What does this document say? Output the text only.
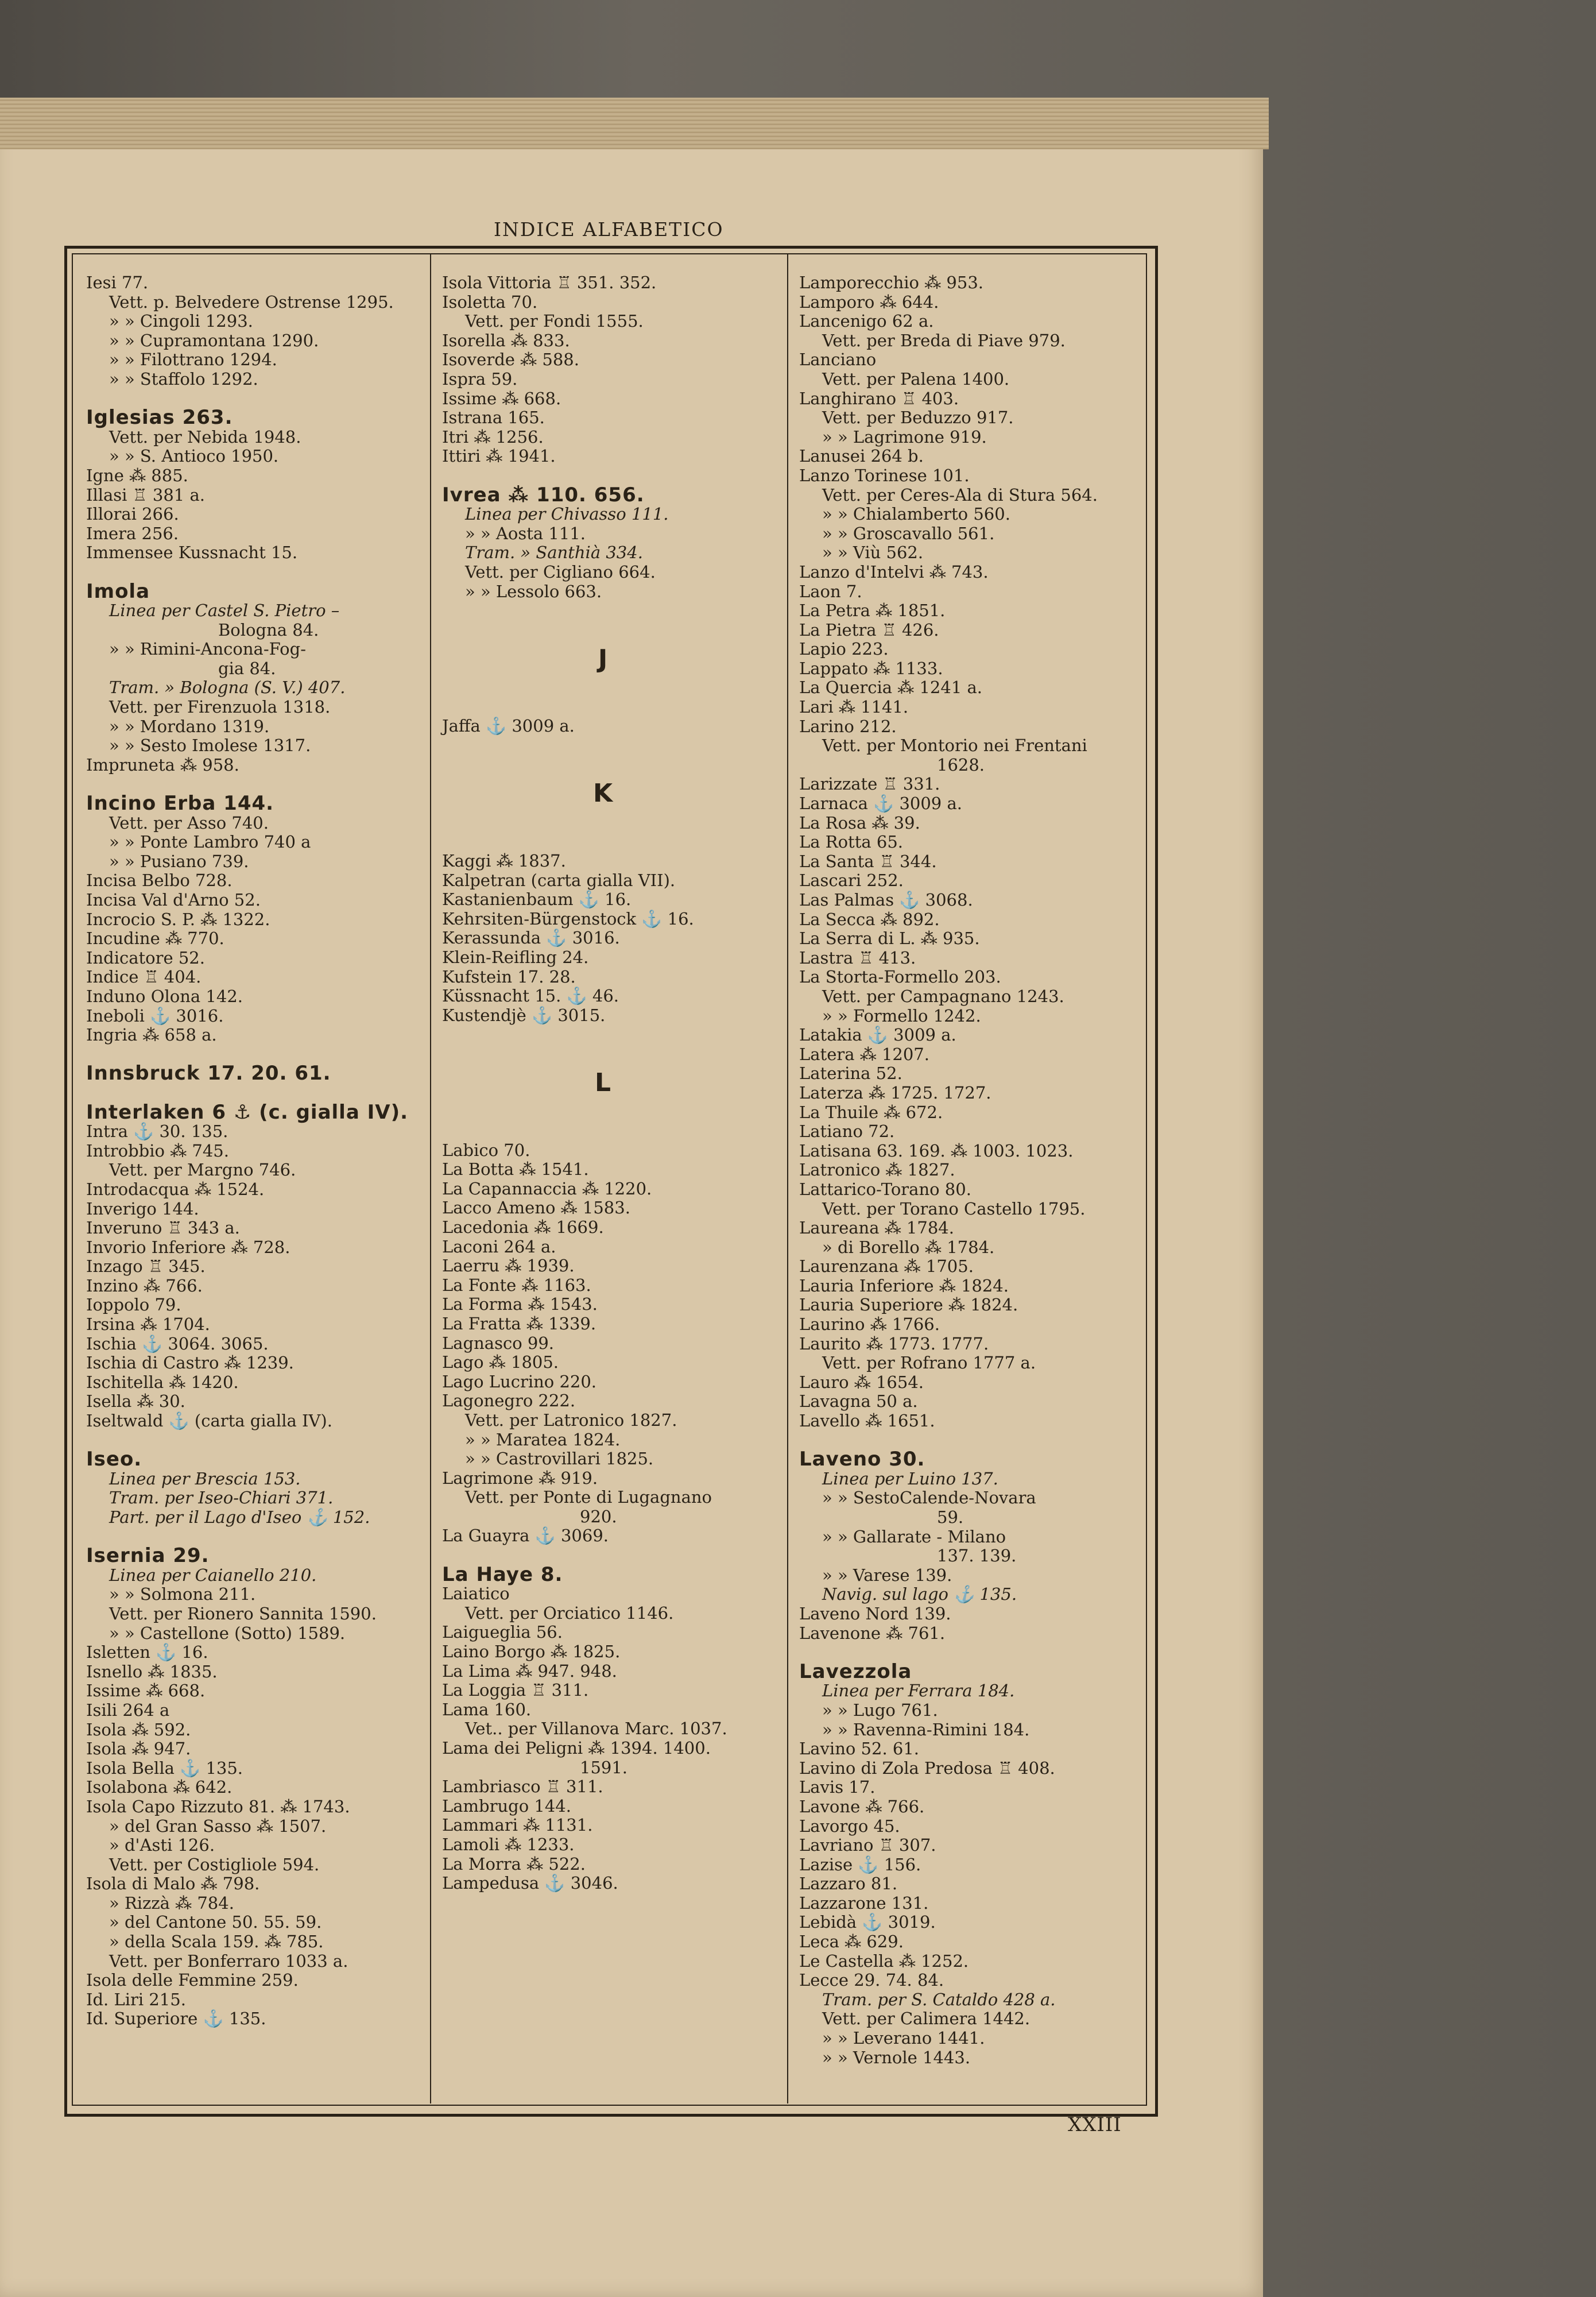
INDICE ALFABETICO
Iesi 77.
Vett. p. Belvedere Ostrense 1295.
» » Cingoli 1293.
» » Cupramontana 1290.
» » Filottrano 1294.
» » Staffolo 1292.
Iglesias 263.
Vett. per Nebida 1948.
» » S. Antioco 1950.
Igne ⁂ 885.
Illasi ♖ 381 a.
Illorai 266.
Imera 256.
Immensee Kussnacht 15.
Imola
Linea per Castel S. Pietro –
Bologna 84.
» » Rimini-Ancona-Fog-
gia 84.
Tram. » Bologna (S. V.) 407.
Vett. per Firenzuola 1318.
» » Mordano 1319.
» » Sesto Imolese 1317.
Impruneta ⁂ 958.
Incino Erba 144.
Vett. per Asso 740.
» » Ponte Lambro 740 a
» » Pusiano 739.
Incisa Belbo 728.
Incisa Val d'Arno 52.
Incrocio S. P. ⁂ 1322.
Incudine ⁂ 770.
Indicatore 52.
Indice ♖ 404.
Induno Olona 142.
Ineboli ⚓ 3016.
Ingria ⁂ 658 a.
Innsbruck 17. 20. 61.
Interlaken 6 ⚓ (c. gialla IV).
Intra ⚓ 30. 135.
Introbbio ⁂ 745.
Vett. per Margno 746.
Introdacqua ⁂ 1524.
Inverigo 144.
Inveruno ♖ 343 a.
Invorio Inferiore ⁂ 728.
Inzago ♖ 345.
Inzino ⁂ 766.
Ioppolo 79.
Irsina ⁂ 1704.
Ischia ⚓ 3064. 3065.
Ischia di Castro ⁂ 1239.
Ischitella ⁂ 1420.
Isella ⁂ 30.
Iseltwald ⚓ (carta gialla IV).
Iseo.
Linea per Brescia 153.
Tram. per Iseo-Chiari 371.
Part. per il Lago d'Iseo ⚓ 152.
Isernia 29.
Linea per Caianello 210.
» » Solmona 211.
Vett. per Rionero Sannita 1590.
» » Castellone (Sotto) 1589.
Isletten ⚓ 16.
Isnello ⁂ 1835.
Issime ⁂ 668.
Isili 264 a
Isola ⁂ 592.
Isola ⁂ 947.
Isola Bella ⚓ 135.
Isolabona ⁂ 642.
Isola Capo Rizzuto 81. ⁂ 1743.
» del Gran Sasso ⁂ 1507.
» d'Asti 126.
Vett. per Costigliole 594.
Isola di Malo ⁂ 798.
» Rizzà ⁂ 784.
» del Cantone 50. 55. 59.
» della Scala 159. ⁂ 785.
Vett. per Bonferraro 1033 a.
Isola delle Femmine 259.
Id. Liri 215.
Id. Superiore ⚓ 135.
Isola Vittoria ♖ 351. 352.
Isoletta 70.
Vett. per Fondi 1555.
Isorella ⁂ 833.
Isoverde ⁂ 588.
Ispra 59.
Issime ⁂ 668.
Istrana 165.
Itri ⁂ 1256.
Ittiri ⁂ 1941.
Ivrea ⁂ 110. 656.
Linea per Chivasso 111.
» » Aosta 111.
Tram. » Santhià 334.
Vett. per Cigliano 664.
» » Lessolo 663.
J
Jaffa ⚓ 3009 a.
K
Kaggi ⁂ 1837.
Kalpetran (carta gialla VII).
Kastanienbaum ⚓ 16.
Kehrsiten-Bürgenstock ⚓ 16.
Kerassunda ⚓ 3016.
Klein-Reifling 24.
Kufstein 17. 28.
Küssnacht 15. ⚓ 46.
Kustendjè ⚓ 3015.
L
Labico 70.
La Botta ⁂ 1541.
La Capannaccia ⁂ 1220.
Lacco Ameno ⁂ 1583.
Lacedonia ⁂ 1669.
Laconi 264 a.
Laerru ⁂ 1939.
La Fonte ⁂ 1163.
La Forma ⁂ 1543.
La Fratta ⁂ 1339.
Lagnasco 99.
Lago ⁂ 1805.
Lago Lucrino 220.
Lagonegro 222.
Vett. per Latronico 1827.
» » Maratea 1824.
» » Castrovillari 1825.
Lagrimone ⁂ 919.
Vett. per Ponte di Lugagnano
920.
La Guayra ⚓ 3069.
La Haye 8.
Laiatico
Vett. per Orciatico 1146.
Laigueglia 56.
Laino Borgo ⁂ 1825.
La Lima ⁂ 947. 948.
La Loggia ♖ 311.
Lama 160.
Vet.. per Villanova Marc. 1037.
Lama dei Peligni ⁂ 1394. 1400.
1591.
Lambriasco ♖ 311.
Lambrugo 144.
Lammari ⁂ 1131.
Lamoli ⁂ 1233.
La Morra ⁂ 522.
Lampedusa ⚓ 3046.
Lamporecchio ⁂ 953.
Lamporo ⁂ 644.
Lancenigo 62 a.
Vett. per Breda di Piave 979.
Lanciano
Vett. per Palena 1400.
Langhirano ♖ 403.
Vett. per Beduzzo 917.
» » Lagrimone 919.
Lanusei 264 b.
Lanzo Torinese 101.
Vett. per Ceres-Ala di Stura 564.
» » Chialamberto 560.
» » Groscavallo 561.
» » Viù 562.
Lanzo d'Intelvi ⁂ 743.
Laon 7.
La Petra ⁂ 1851.
La Pietra ♖ 426.
Lapio 223.
Lappato ⁂ 1133.
La Quercia ⁂ 1241 a.
Lari ⁂ 1141.
Larino 212.
Vett. per Montorio nei Frentani
1628.
Larizzate ♖ 331.
Larnaca ⚓ 3009 a.
La Rosa ⁂ 39.
La Rotta 65.
La Santa ♖ 344.
Lascari 252.
Las Palmas ⚓ 3068.
La Secca ⁂ 892.
La Serra di L. ⁂ 935.
Lastra ♖ 413.
La Storta-Formello 203.
Vett. per Campagnano 1243.
» » Formello 1242.
Latakia ⚓ 3009 a.
Latera ⁂ 1207.
Laterina 52.
Laterza ⁂ 1725. 1727.
La Thuile ⁂ 672.
Latiano 72.
Latisana 63. 169. ⁂ 1003. 1023.
Latronico ⁂ 1827.
Lattarico-Torano 80.
Vett. per Torano Castello 1795.
Laureana ⁂ 1784.
» di Borello ⁂ 1784.
Laurenzana ⁂ 1705.
Lauria Inferiore ⁂ 1824.
Lauria Superiore ⁂ 1824.
Laurino ⁂ 1766.
Laurito ⁂ 1773. 1777.
Vett. per Rofrano 1777 a.
Lauro ⁂ 1654.
Lavagna 50 a.
Lavello ⁂ 1651.
Laveno 30.
Linea per Luino 137.
» » SestoCalende-Novara
59.
» » Gallarate - Milano
137. 139.
» » Varese 139.
Navig. sul lago ⚓ 135.
Laveno Nord 139.
Lavenone ⁂ 761.
Lavezzola
Linea per Ferrara 184.
» » Lugo 761.
» » Ravenna-Rimini 184.
Lavino 52. 61.
Lavino di Zola Predosa ♖ 408.
Lavis 17.
Lavone ⁂ 766.
Lavorgo 45.
Lavriano ♖ 307.
Lazise ⚓ 156.
Lazzaro 81.
Lazzarone 131.
Lebidà ⚓ 3019.
Leca ⁂ 629.
Le Castella ⁂ 1252.
Lecce 29. 74. 84.
Tram. per S. Cataldo 428 a.
Vett. per Calimera 1442.
» » Leverano 1441.
» » Vernole 1443.
XXIII
